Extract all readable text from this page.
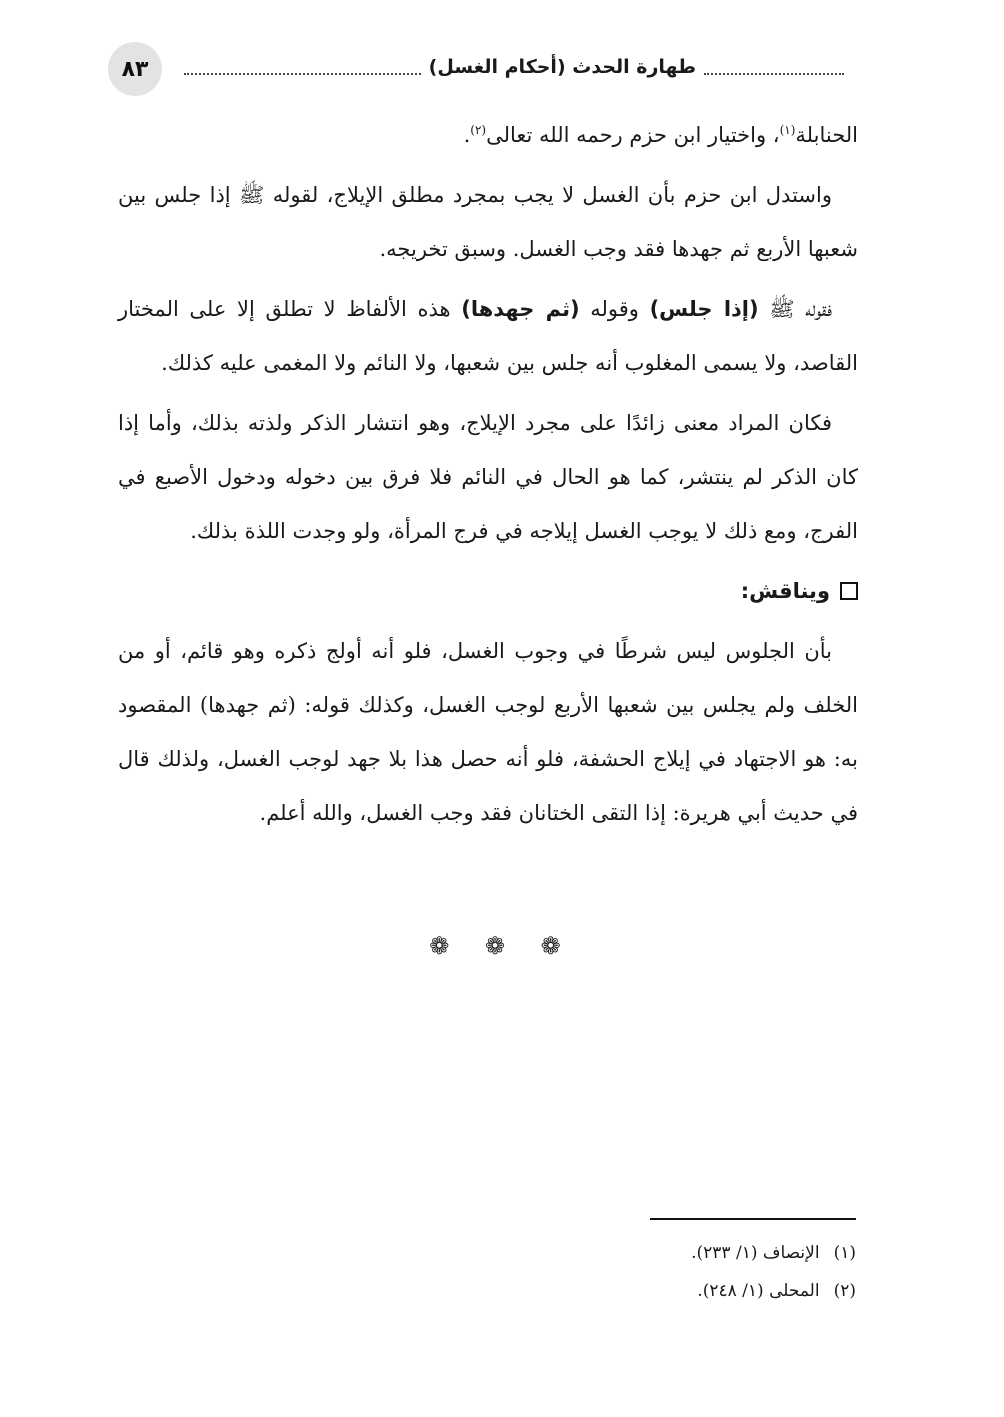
٨٣	طهارة الحدث (أحكام الغسل)

الحنابلة$^{(١)}$، واختيار ابن حزم رحمه الله تعالى$^{(٢)}$.

واستدل ابن حزم بأن الغسل لا يجب بمجرد مطلق الإيلاج، لقوله ﷺ إذا جلس بين شعبها الأربع ثم جهدها فقد وجب الغسل. وسبق تخريجه.

فقوله ﷺ (إذا جلس) وقوله (ثم جهدها) هذه الألفاظ لا تطلق إلا على المختار القاصد، ولا يسمى المغلوب أنه جلس بين شعبها، ولا النائم ولا المغمى عليه كذلك.

فكان المراد معنى زائدًا على مجرد الإيلاج، وهو انتشار الذكر ولذته بذلك، وأما إذا كان الذكر لم ينتشر، كما هو الحال في النائم فلا فرق بين دخوله ودخول الأصبع في الفرج، ومع ذلك لا يوجب الغسل إيلاجه في فرج المرأة، ولو وجدت اللذة بذلك.

ويناقش:

بأن الجلوس ليس شرطًا في وجوب الغسل، فلو أنه أولج ذكره وهو قائم، أو من الخلف ولم يجلس بين شعبها الأربع لوجب الغسل، وكذلك قوله: (ثم جهدها) المقصود به: هو الاجتهاد في إيلاج الحشفة، فلو أنه حصل هذا بلا جهد لوجب الغسل، ولذلك قال في حديث أبي هريرة: إذا التقى الختانان فقد وجب الغسل، والله أعلم.

❁ ❁ ❁
(١)
الإنصاف (١/ ٢٣٣).
(٢)
المحلى (١/ ٢٤٨).
